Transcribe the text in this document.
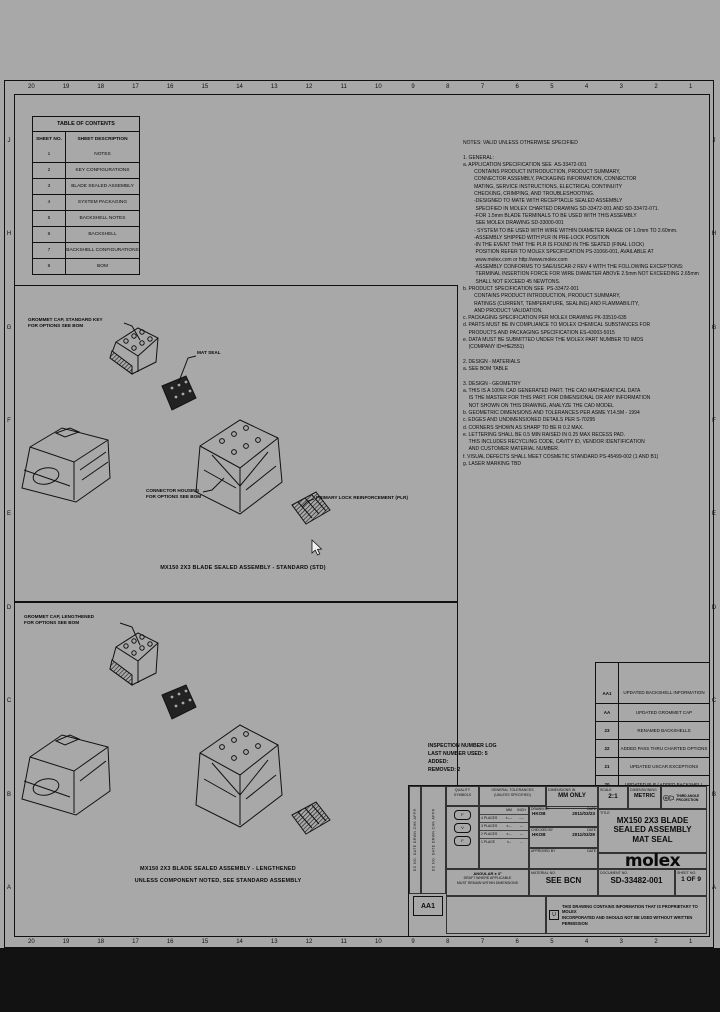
20	19	18	17	16	15	14	13	12	11	10	9	8	7	6	5	4	3	2	1
20	19	18	17	16	15	14	13	12	11	10	9	8	7	6	5	4	3	2	1
J
H
G
F
E
D
C
B
A
J
H
G
F
E
D
C
B
A
TABLE OF CONTENTS
SHEET NO.	SHEET DESCRIPTION
1	NOTES
2	KEY CONFIGURATIONS
3	BLADE SEALED ASSEMBLY
4	SYSTEM PACKAGING
5	BACKSHELL NOTES
6	BACKSHELL
7	BACKSHELL CONFIGURATIONS
8	BOM
NOTES: VALID UNLESS OTHERWISE SPECIFIED

1. GENERAL:
a. APPLICATION SPECIFICATION SEE  AS-33472-001
CONTAINS PRODUCT INTRODUCTION, PRODUCT SUMMARY,
CONNECTOR ASSEMBLY, PACKAGING INFORMATION, CONNECTOR
MATING, SERVICE INSTRUCTIONS, ELECTRICAL CONTINUITY
CHECKING, CRIMPING, AND TROUBLESHOOTING.
-DESIGNED TO MATE WITH RECEPTACLE SEALED ASSEMBLY
SPECIFIED IN MOLEX CHARTED DRAWING SD-33472-001 AND SD-33472-071.
-FOR 1.5mm BLADE TERMINALS TO BE USED WITH THIS ASSEMBLY
SEE MOLEX DRAWING SD-33000-001
- SYSTEM TO BE USED WITH WIRE WITHIN DIAMETER RANGE OF 1.0mm TO 2.60mm.
-ASSEMBLY SHIPPED WITH PLR IN PRE-LOCK POSITION
-IN THE EVENT THAT THE PLR IS FOUND IN THE SEATED (FINAL LOCK)
POSITION REFER TO MOLEX SPECIFICATION PS-31066-001, AVAILABLE AT
www.molex.com or http://www.molex.com
-ASSEMBLY CONFORMS TO SAE/USCAR-2 REV 4 WITH THE FOLLOWING EXCEPTIONS:
TERMINAL INSERTION FORCE FOR WIRE DIAMETER ABOVE 2.5mm NOT EXCEEDING 2.65mm
SHALL NOT EXCEED 45 NEWTONS.
b. PRODUCT SPECIFICATION SEE  PS-33472-001
CONTAINS PRODUCT INTRODUCTION, PRODUCT SUMMARY,
RATINGS (CURRENT, TEMPERATURE, SEALING) AND FLAMMABILITY,
AND PRODUCT VALIDATION.
c. PACKAGING SPECIFICATION PER MOLEX DRAWING PK-33510-635
d. PARTS MUST BE IN COMPLIANCE TO MOLEX CHEMICAL SUBSTANCES FOR
PRODUCTS AND PACKAGING SPECIFICATION ES-43003-5015
e. DATA MUST BE SUBMITTED UNDER THE MOLEX PART NUMBER TO IMDS
(COMPANY ID=HE2551)

2. DESIGN - MATERIALS
a. SEE BOM TABLE

3. DESIGN - GEOMETRY
a. THIS IS A 100% CAD GENERATED PART. THE CAD MATHEMATICAL DATA
IS THE MASTER FOR THIS PART. FOR DIMENSIONAL OR ANY INFORMATION
NOT SHOWN ON THIS DRAWING, ANALYZE THE CAD MODEL
b. GEOMETRIC DIMENSIONS AND TOLERANCES PER ASME Y14.5M - 1994
c. EDGES AND UNDIMENSIONED DETAILS PER S-70295
d. CORNERS SHOWN AS SHARP TO BE R 0.2 MAX.
e. LETTERING SHALL BE 0.5 MIN RAISED IN 0.25 MAX RECESS PAD.
THIS INCLUDES RECYCLING CODE, CAVITY ID, VENDOR IDENTIFICATION
AND CUSTOMER MATERIAL NUMBER.
f. VISUAL DEFECTS SHALL MEET COSMETIC STANDARD PS-45499-002 (1 AND B1)
g. LASER MARKING TBD
GROMMET CAP, STANDARD KEY
FOR OPTIONS SEE BOM
MAT SEAL
CONNECTOR HOUSING
FOR OPTIONS SEE BOM	PRIMARY LOCK REINFORCEMENT (PLR)
GROMMET CAP, LENGTHENED
FOR OPTIONS SEE BOM
MX150 2X3 BLADE SEALED ASSEMBLY - STANDARD (STD)
MX150 2X3 BLADE SEALED ASSEMBLY - LENGTHENED
UNLESS COMPONENT NOTED, SEE STANDARD ASSEMBLY
INSPECTION NUMBER LOG
LAST NUMBER USED: 5
ADDED:
REMOVED: 2
AA1	UPDATED BACKSHELL INFORMATION
AA	UPDATED GROMMET CAP
23	RENAMED BACKSHELLS
22	ADDED PASS THRU CHARTED OPTIONS
21	UPDATED USCAR EXCEPTIONS
EC NO. DATE DRWN CHK APPR	EC NO. DATE DRWN CHK APPR
AA1
QUALITY
SYMBOLS
GENERAL TOLERANCES
(UNLESS SPECIFIED)
DIMENSIONS IN
MM ONLY
SCALE
2:1
DIMENSIONING
METRIC	THIRD ANGLE PROJECTION
F
V
F
MM	INCH
4 PLACES	±----	----
3 PLACES	±---	---
2 PLACES	±---	---
1 PLACE	±--	--
DRAWN BY	DATE
HKOB	2011/03/23
CHECKED BY	DATE
HKOB	2011/03/29
APPROVED BY	DATE
ANGULAR ± 3°
DRAFT WHERE APPLICABLE
MUST REMAIN WITHIN DIMENSIONS
MATERIAL NO.
SEE BCN
TITLE
MX150 2X3 BLADE
SEALED ASSEMBLY
MAT SEAL
molex
DOCUMENT NO.
SD-33482-001
SHEET NO.
1 OF 9
U
THIS DRAWING CONTAINS INFORMATION THAT IS PROPRIETARY TO MOLEX
INCORPORATED AND SHOULD NOT BE USED WITHOUT WRITTEN PERMISSION
